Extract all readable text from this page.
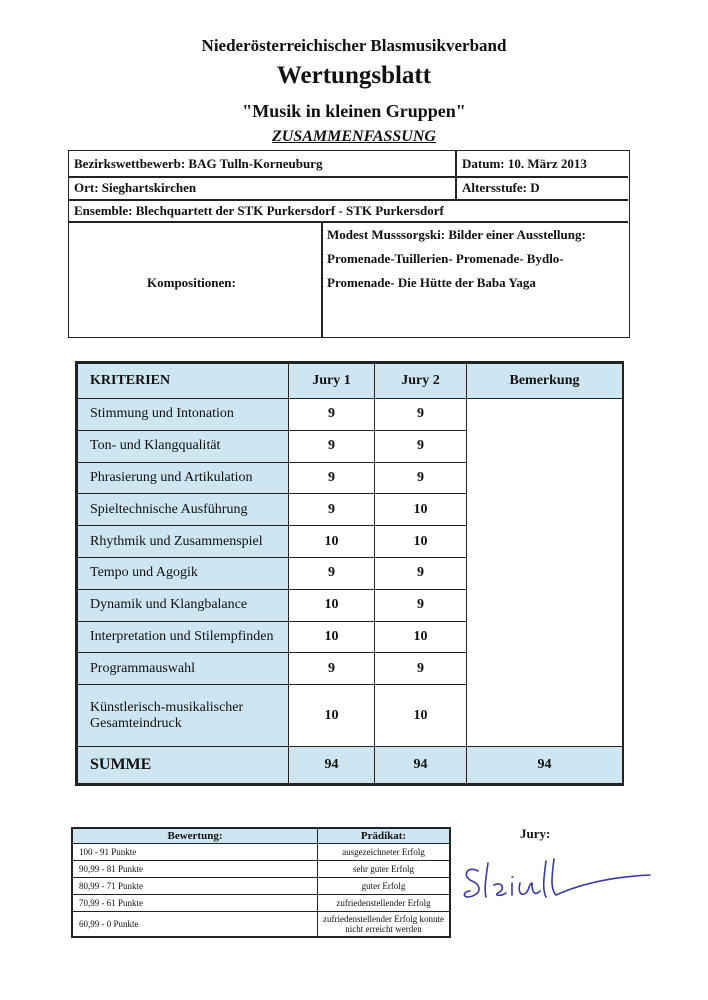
Niederösterreichischer Blasmusikverband
Wertungsblatt
"Musik in kleinen Gruppen"
ZUSAMMENFASSUNG
Bezirkswettbewerb: BAG Tulln-Korneuburg	Datum: 10. März 2013
Ort: Sieghartskirchen	Altersstufe: D
Ensemble: Blechquartett der STK Purkersdorf - STK Purkersdorf
Kompositionen:
Modest Musssorgski: Bilder einer Ausstellung:
Promenade-Tuillerien- Promenade- Bydlo-
Promenade- Die Hütte der Baba Yaga
KRITERIEN	Jury 1	Jury 2	Bemerkung
Stimmung und Intonation	9	9	
Ton- und Klangqualität	9	9	
Phrasierung und Artikulation	9	9	
Spieltechnische Ausführung	9	10	
Rhythmik und Zusammenspiel	10	10	
Tempo und Agogik	9	9	
Dynamik und Klangbalance	10	9	
Interpretation und Stilempfinden	10	10	
Programmauswahl	9	9	
Künstlerisch-musikalischer Gesamteindruck	10	10	
SUMME	94	94	94
Bewertung:	Prädikat:
100 - 91 Punkte	ausgezeichneter Erfolg
90,99 - 81 Punkte	sehr guter Erfolg
80,99 - 71 Punkte	guter Erfolg
70,99 - 61 Punkte	zufriedenstellender Erfolg
60,99 - 0 Punkte	zufriedenstellender Erfolg konnte nicht erreicht werden
Jury:
